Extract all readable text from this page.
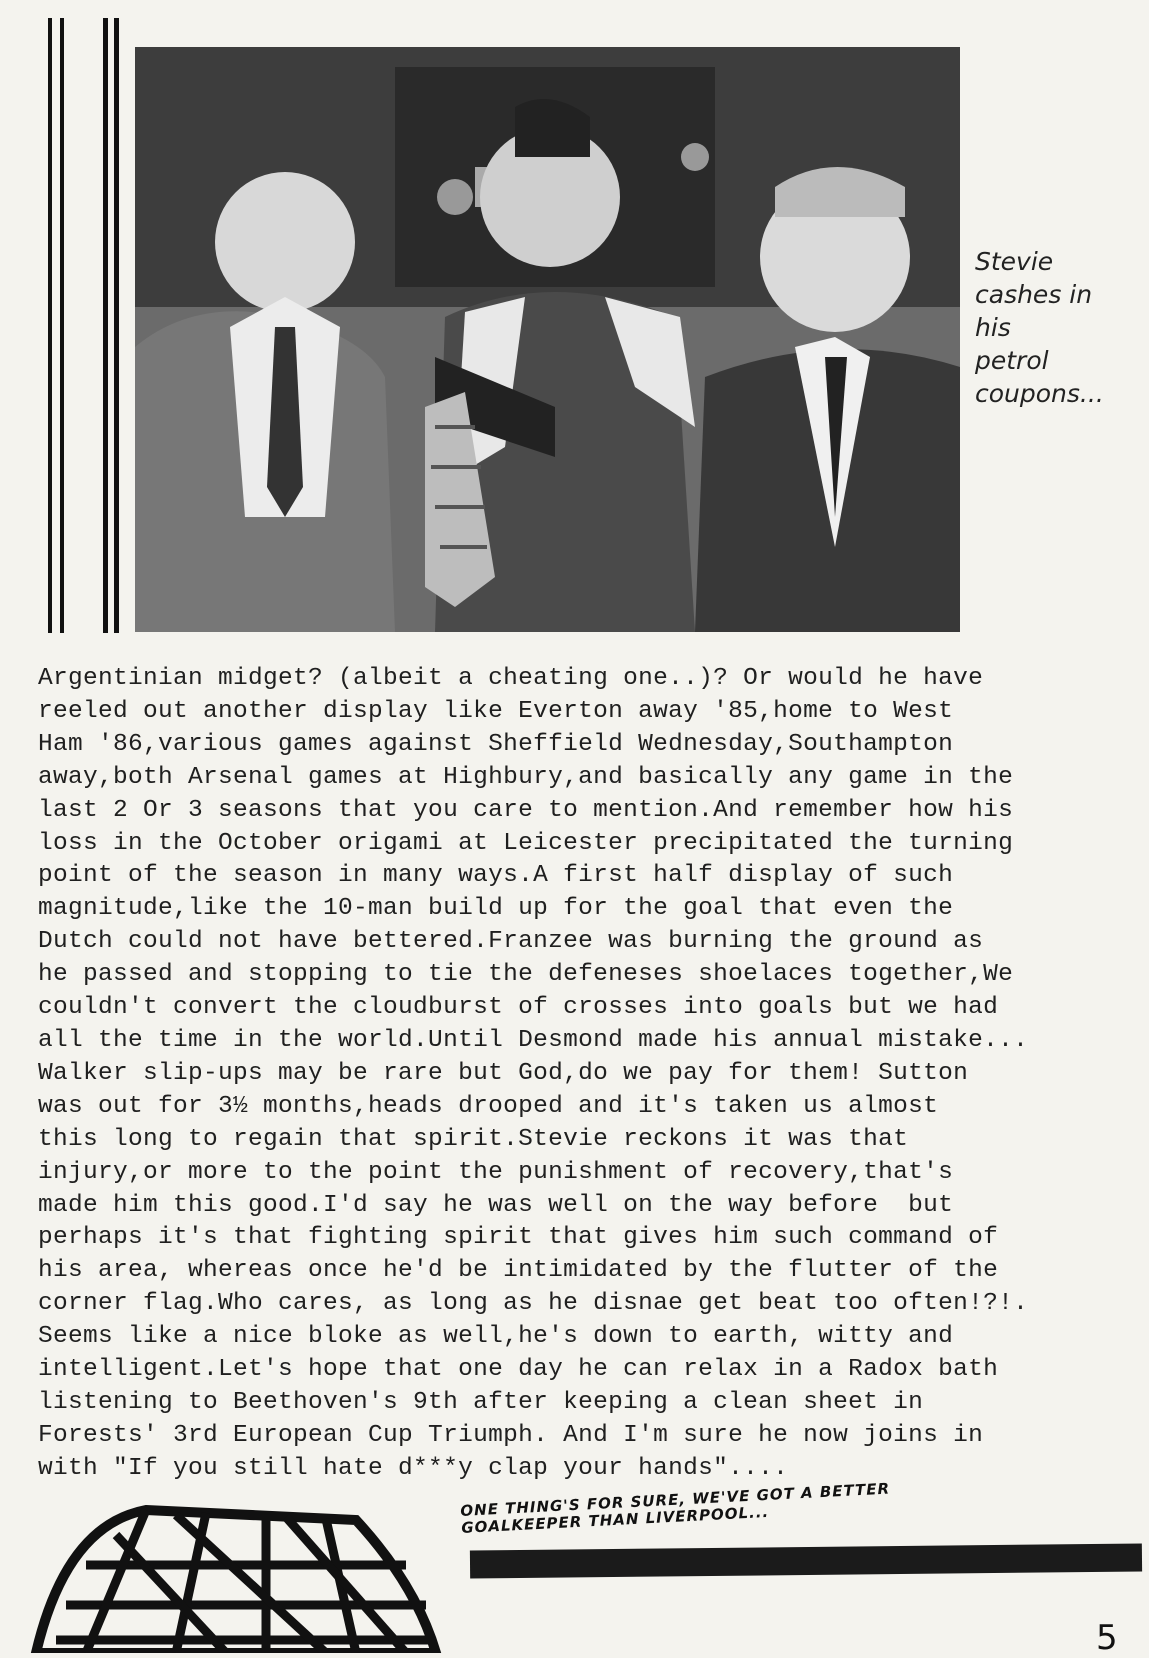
Stevie
cashes in
his
petrol
coupons...
Argentinian midget? (albeit a cheating one..)? Or would he have
reeled out another display like Everton away '85,home to West
Ham '86,various games against Sheffield Wednesday,Southampton
away,both Arsenal games at Highbury,and basically any game in the
last 2 Or 3 seasons that you care to mention.And remember how his
loss in the October origami at Leicester precipitated the turning
point of the season in many ways.A first half display of such
magnitude,like the 10-man build up for the goal that even the
Dutch could not have bettered.Franzee was burning the ground as
he passed and stopping to tie the defeneses shoelaces together,We
couldn't convert the cloudburst of crosses into goals but we had
all the time in the world.Until Desmond made his annual mistake...
Walker slip-ups may be rare but God,do we pay for them! Sutton
was out for 3½ months,heads drooped and it's taken us almost
this long to regain that spirit.Stevie reckons it was that
injury,or more to the point the punishment of recovery,that's
made him this good.I'd say he was well on the way before  but
perhaps it's that fighting spirit that gives him such command of
his area, whereas once he'd be intimidated by the flutter of the
corner flag.Who cares, as long as he disnae get beat too often!?!.
Seems like a nice bloke as well,he's down to earth, witty and
intelligent.Let's hope that one day he can relax in a Radox bath
listening to Beethoven's 9th after keeping a clean sheet in
Forests' 3rd European Cup Triumph. And I'm sure he now joins in
with "If you still hate d***y clap your hands"....
ONE THING'S FOR SURE, WE'VE GOT A BETTER
GOALKEEPER THAN LIVERPOOL...
5
